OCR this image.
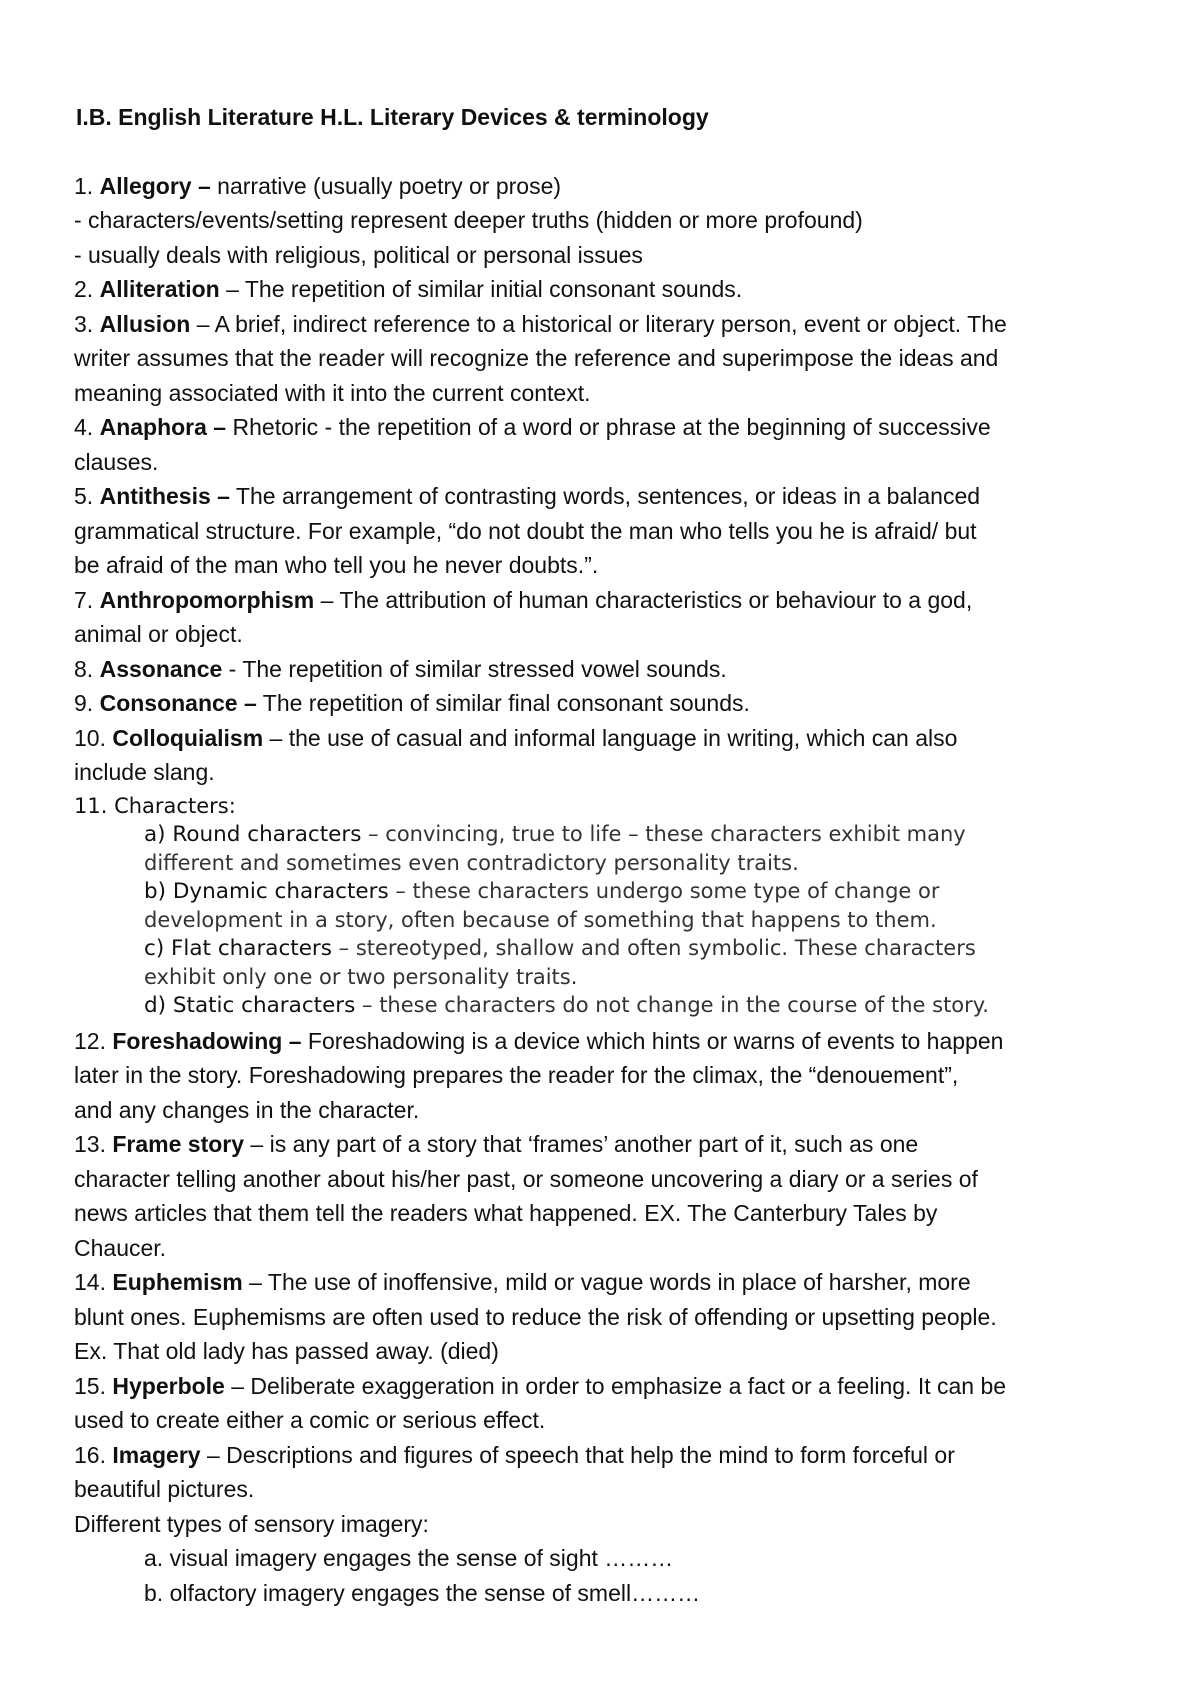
I.B. English Literature H.L. Literary Devices & terminology
1. Allegory – narrative (usually poetry or prose)
- characters/events/setting represent deeper truths (hidden or more profound)
- usually deals with religious, political or personal issues
2. Alliteration – The repetition of similar initial consonant sounds.
3. Allusion – A brief, indirect reference to a historical or literary person, event or object. The
writer assumes that the reader will recognize the reference and superimpose the ideas and
meaning associated with it into the current context.
4. Anaphora – Rhetoric - the repetition of a word or phrase at the beginning of successive
clauses.
5. Antithesis – The arrangement of contrasting words, sentences, or ideas in a balanced
grammatical structure. For example, “do not doubt the man who tells you he is afraid/ but
be afraid of the man who tell you he never doubts.”.
7. Anthropomorphism – The attribution of human characteristics or behaviour to a god,
animal or object.
8. Assonance - The repetition of similar stressed vowel sounds.
9. Consonance – The repetition of similar final consonant sounds.
10. Colloquialism – the use of casual and informal language in writing, which can also
include slang.
11. Characters:
a) Round characters – convincing, true to life – these characters exhibit many
different and sometimes even contradictory personality traits.
b) Dynamic characters – these characters undergo some type of change or
development in a story, often because of something that happens to them.
c) Flat characters – stereotyped, shallow and often symbolic. These characters
exhibit only one or two personality traits.
d) Static characters – these characters do not change in the course of the story.
12. Foreshadowing – Foreshadowing is a device which hints or warns of events to happen
later in the story. Foreshadowing prepares the reader for the climax, the “denouement”,
and any changes in the character.
13. Frame story – is any part of a story that ‘frames’ another part of it, such as one
character telling another about his/her past, or someone uncovering a diary or a series of
news articles that them tell the readers what happened. EX. The Canterbury Tales by
Chaucer.
14. Euphemism – The use of inoffensive, mild or vague words in place of harsher, more
blunt ones. Euphemisms are often used to reduce the risk of offending or upsetting people.
Ex. That old lady has passed away. (died)
15. Hyperbole – Deliberate exaggeration in order to emphasize a fact or a feeling. It can be
used to create either a comic or serious effect.
16. Imagery – Descriptions and figures of speech that help the mind to form forceful or
beautiful pictures.
Different types of sensory imagery:
a. visual imagery engages the sense of sight ………
b. olfactory imagery engages the sense of smell………
